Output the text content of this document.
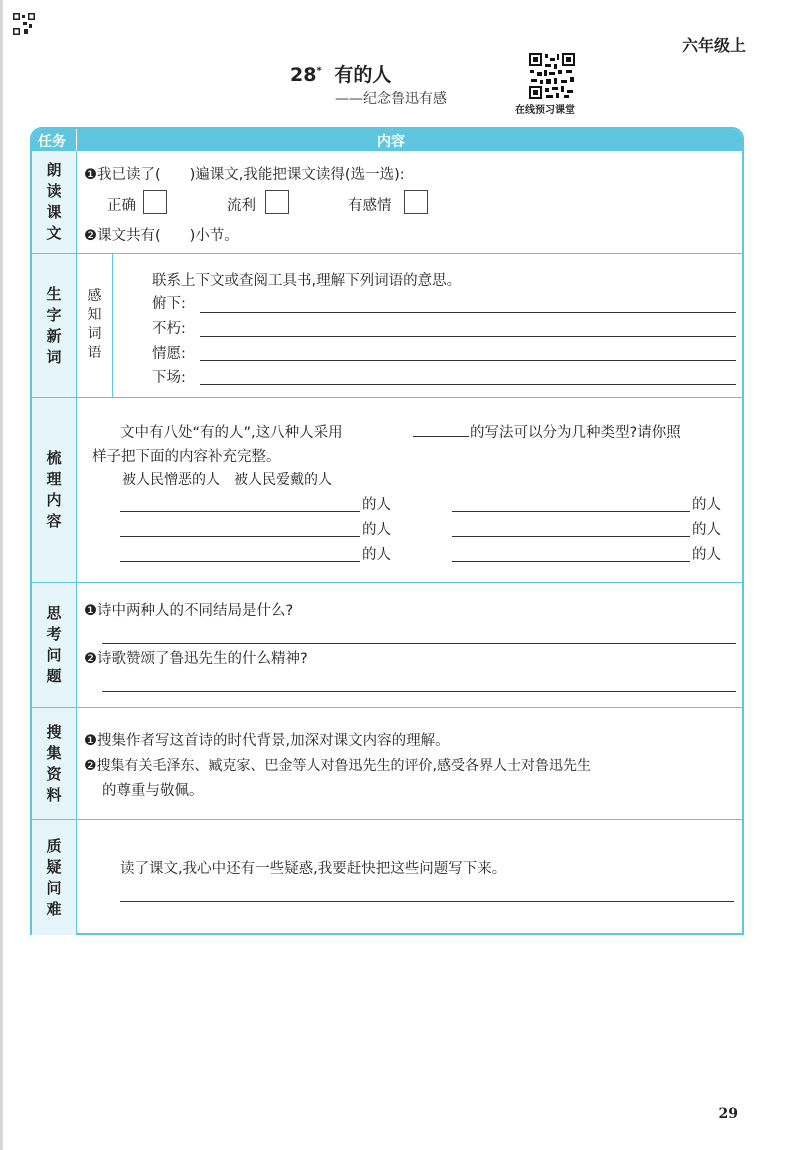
六年级上
28* 有的人
——纪念鲁迅有感
在线预习课堂
任务	内容
朗
读
课
文
❶我已读了(　　)遍课文,我能把课文读得(选一选):
正确	流利	有感情
❷课文共有(　　)小节。
生
字
新
词
感
知
词
语
联系上下文或查阅工具书,理解下列词语的意思。
俯下:
不朽:
情愿:
下场:
梳
理
内
容
文中有八处“有的人”,这八种人采用	的写法可以分为几种类型?请你照
样子把下面的内容补充完整。
被人民憎恶的人　被人民爱戴的人
的人	的人
的人	的人
的人	的人
思
考
问
题
❶诗中两种人的不同结局是什么?
❷诗歌赞颂了鲁迅先生的什么精神?
搜
集
资
料
❶搜集作者写这首诗的时代背景,加深对课文内容的理解。
❷搜集有关毛泽东、臧克家、巴金等人对鲁迅先生的评价,感受各界人士对鲁迅先生
的尊重与敬佩。
质
疑
问
难
读了课文,我心中还有一些疑惑,我要赶快把这些问题写下来。
29
